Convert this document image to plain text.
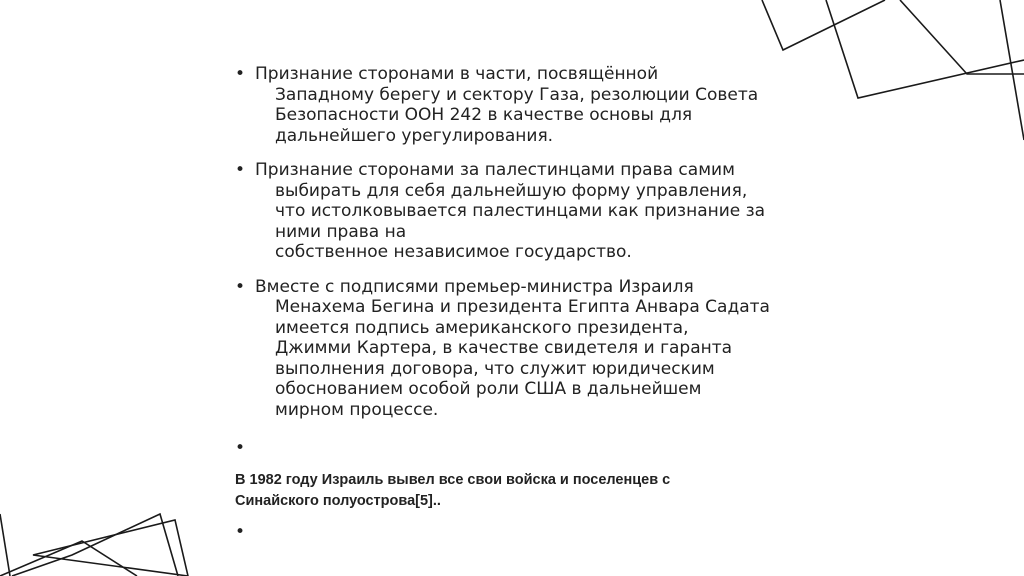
• Признание сторонами в части, посвящённой
Западному берегу и сектору Газа, резолюции Совета
Безопасности ООН 242 в качестве основы для
дальнейшего урегулирования.
• Признание сторонами за палестинцами права самим
выбирать для себя дальнейшую форму управления,
что истолковывается палестинцами как признание за
ними права на
собственное независимое государство.
• Вместе с подписями премьер-министра Израиля
Менахема Бегина и президента Египта Анвара Садата
имеется подпись американского президента,
Джимми Картера, в качестве свидетеля и гаранта
выполнения договора, что служит юридическим
обоснованием особой роли США в дальнейшем
мирном процессе.
•

В 1982 году Израиль вывел все свои войска и поселенцев с
Синайского полуострова[5]..

•
